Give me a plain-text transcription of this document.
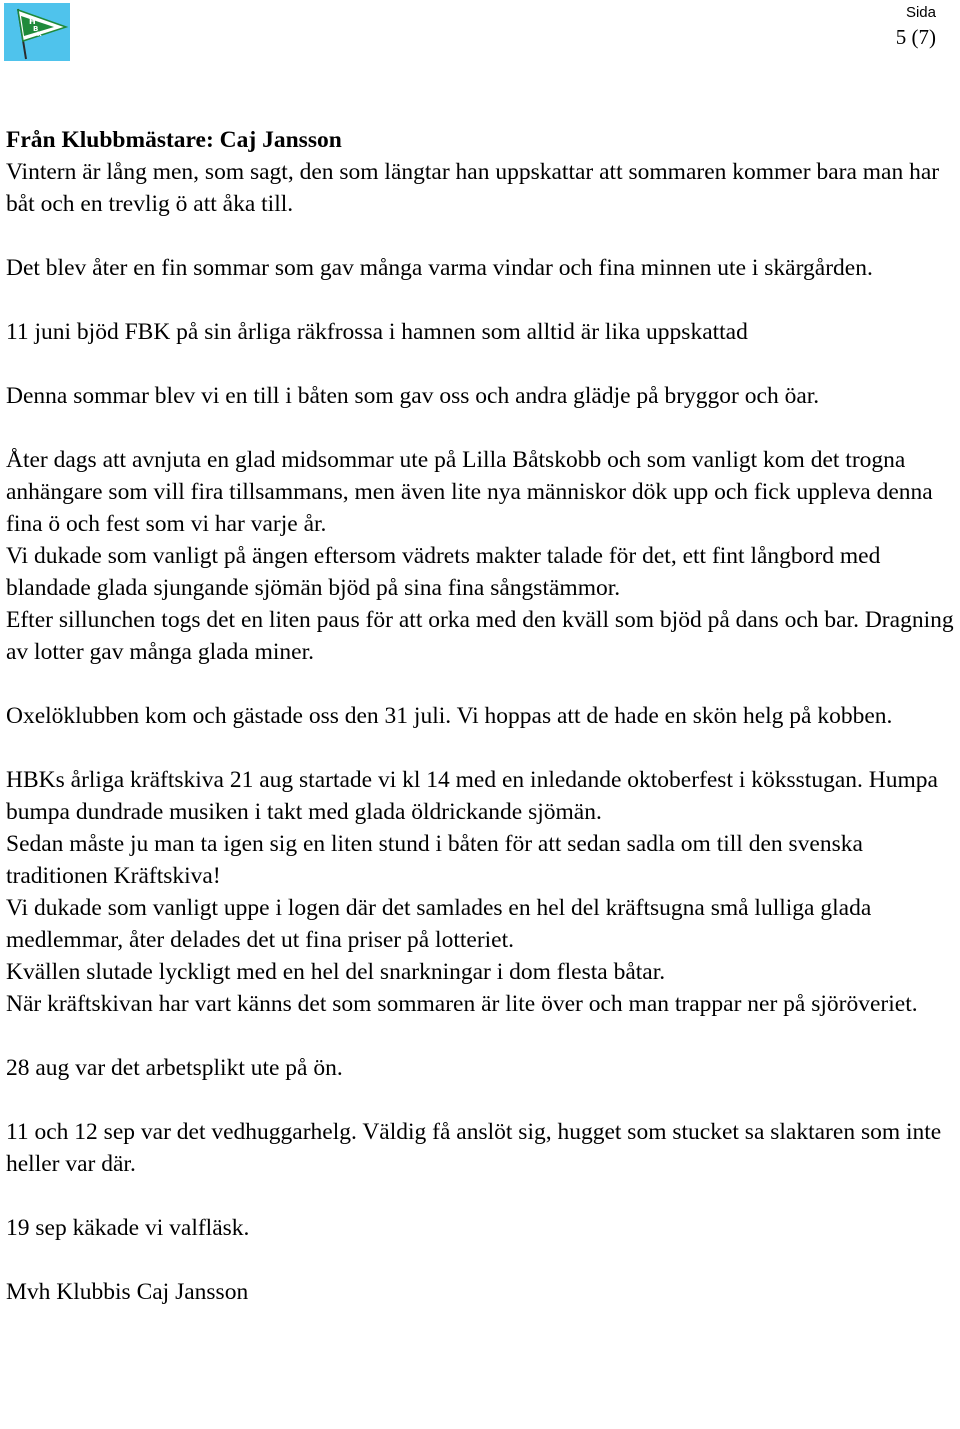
H
B
K
Sida
5 (7)

Från Klubbmästare: Caj Jansson

Vintern är lång men, som sagt, den som längtar han uppskattar att sommaren kommer bara man har båt och en trevlig ö att åka till.

Det blev åter en fin sommar som gav många varma vindar och fina minnen ute i skärgården.

11 juni bjöd FBK på sin årliga räkfrossa i hamnen som alltid är lika uppskattad

Denna sommar blev vi en till i båten som gav oss och andra glädje på bryggor och öar.

Åter dags att avnjuta en glad midsommar ute på Lilla Båtskobb och som vanligt kom det trogna anhängare som vill fira tillsammans, men även lite nya människor dök upp och fick uppleva denna fina ö och fest som vi har varje år.

Vi dukade som vanligt på ängen eftersom vädrets makter talade för det, ett fint långbord med blandade glada sjungande sjömän bjöd på sina fina sångstämmor.

Efter sillunchen togs det en liten paus för att orka med den kväll som bjöd på dans och bar. Dragning av lotter gav många glada miner.

Oxelöklubben kom och gästade oss den 31 juli. Vi hoppas att de hade en skön helg på kobben.

HBKs årliga kräftskiva 21 aug startade vi kl 14 med en inledande oktoberfest i köksstugan. Humpa bumpa dundrade musiken i takt med glada öldrickande sjömän.

Sedan måste ju man ta igen sig en liten stund i båten för att sedan sadla om till den svenska traditionen Kräftskiva!

Vi dukade som vanligt uppe i logen där det samlades en hel del kräftsugna små lulliga glada medlemmar, åter delades det ut fina priser på lotteriet.

Kvällen slutade lyckligt med en hel del snarkningar i dom flesta båtar.

När kräftskivan har vart känns det som sommaren är lite över och man trappar ner på sjöröveriet.

28 aug var det arbetsplikt ute på ön.

11 och 12 sep var det vedhuggarhelg. Väldig få anslöt sig, hugget som stucket sa slaktaren som inte heller var där.

19 sep käkade vi valfläsk.

Mvh Klubbis Caj Jansson
